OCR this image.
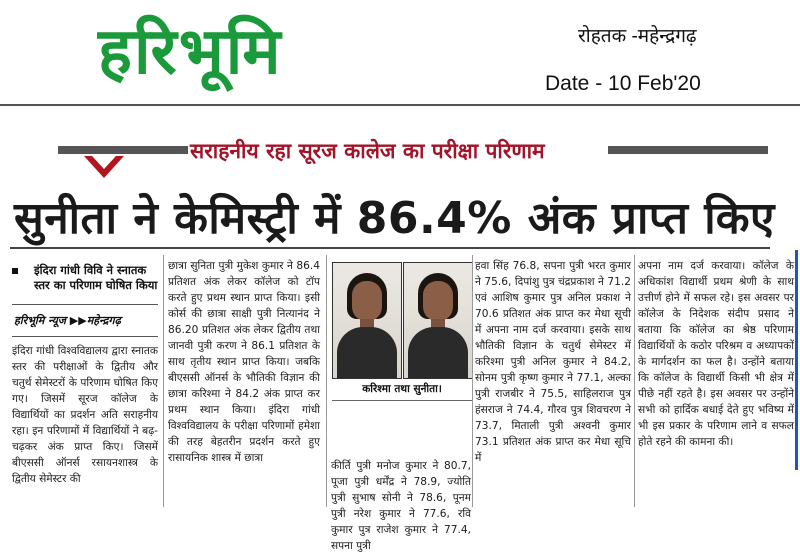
हरिभूमि	रोहतक -महेन्द्रगढ़
Date - 10 Feb'20
सराहनीय रहा सूरज कालेज का परीक्षा परिणाम
सुनीता ने केमिस्ट्री में 86.4% अंक प्राप्त किए
इंदिरा गांधी विवि ने स्नातक स्तर का परिणाम घोषित किया
हरिभूमि न्यूज ▶▶महेन्द्रगढ़
इंदिरा गांधी विश्वविद्यालय द्वारा स्नातक स्तर की परीक्षाओं के द्वितीय और चतुर्थ सेमेस्टरों के परिणाम घोषित किए गए। जिसमें सूरज कॉलेज के विद्यार्थियों का प्रदर्शन अति सराहनीय रहा। इन परिणामों में विद्यार्थियों ने बढ़-चढ़कर अंक प्राप्त किए। जिसमें बीएससी ऑनर्स रसायनशास्त्र के द्वितीय सेमेस्टर की
छात्रा सुनिता पुत्री मुकेश कुमार ने 86.4 प्रतिशत अंक लेकर कॉलेज को टॉप करते हुए प्रथम स्थान प्राप्त किया। इसी कोर्स की छात्रा साक्षी पुत्री नित्यानंद ने 86.20 प्रतिशत अंक लेकर द्वितीय तथा जानवी पुत्री करण ने 86.1 प्रतिशत के साथ तृतीय स्थान प्राप्त किया। जबकि बीएससी ऑनर्स के भौतिकी विज्ञान की छात्रा करिश्मा ने 84.2 अंक प्राप्त कर प्रथम स्थान किया। इंदिरा गांधी विश्वविद्यालय के परीक्षा परिणामों हमेशा की तरह बेहतरीन प्रदर्शन करते हुए रासायनिक शास्त्र में छात्रा
करिश्मा तथा सुनीता।
कीर्ति पुत्री मनोज कुमार ने 80.7, पूजा पुत्री धर्मेंद्र ने 78.9, ज्योति पुत्री सुभाष सोनी ने 78.6, पूनम पुत्री नरेश कुमार ने 77.6, रवि कुमार पुत्र राजेश कुमार ने 77.4, सपना पुत्री
हवा सिंह 76.8, सपना पुत्री भरत कुमार ने 75.6, दिपांशु पुत्र चंद्रप्रकाश ने 71.2 एवं आशिष कुमार पुत्र अनिल प्रकाश ने 70.6 प्रतिशत अंक प्राप्त कर मेधा सूची में अपना नाम दर्ज करवाया। इसके साथ भौतिकी विज्ञान के चतुर्थ सेमेस्टर में करिश्मा पुत्री अनिल कुमार ने 84.2, सोनम पुत्री कृष्ण कुमार ने 77.1, अल्का पुत्री राजबीर ने 75.5, साहिलराज पुत्र हंसराज ने 74.4, गौरव पुत्र शिवचरण ने 73.7, मिताली पुत्री अश्वनी कुमार 73.1 प्रतिशत अंक प्राप्त कर मेधा सूचि में
अपना नाम दर्ज करवाया। कॉलेज के अधिकांश विद्यार्थी प्रथम श्रेणी के साथ उत्तीर्ण होने में सफल रहे। इस अवसर पर कॉलेज के निदेशक संदीप प्रसाद ने बताया कि कॉलेज का श्रेष्ठ परिणाम विद्यार्थियों के कठोर परिश्रम व अध्यापकों के मार्गदर्शन का फल है। उन्होंने बताया कि कॉलेज के विद्यार्थी किसी भी क्षेत्र में पीछे नहीं रहते है। इस अवसर पर उन्होंने सभी को हार्दिक बधाई देते हुए भविष्य में भी इस प्रकार के परिणाम लाने व सफल होते रहने की कामना की।
